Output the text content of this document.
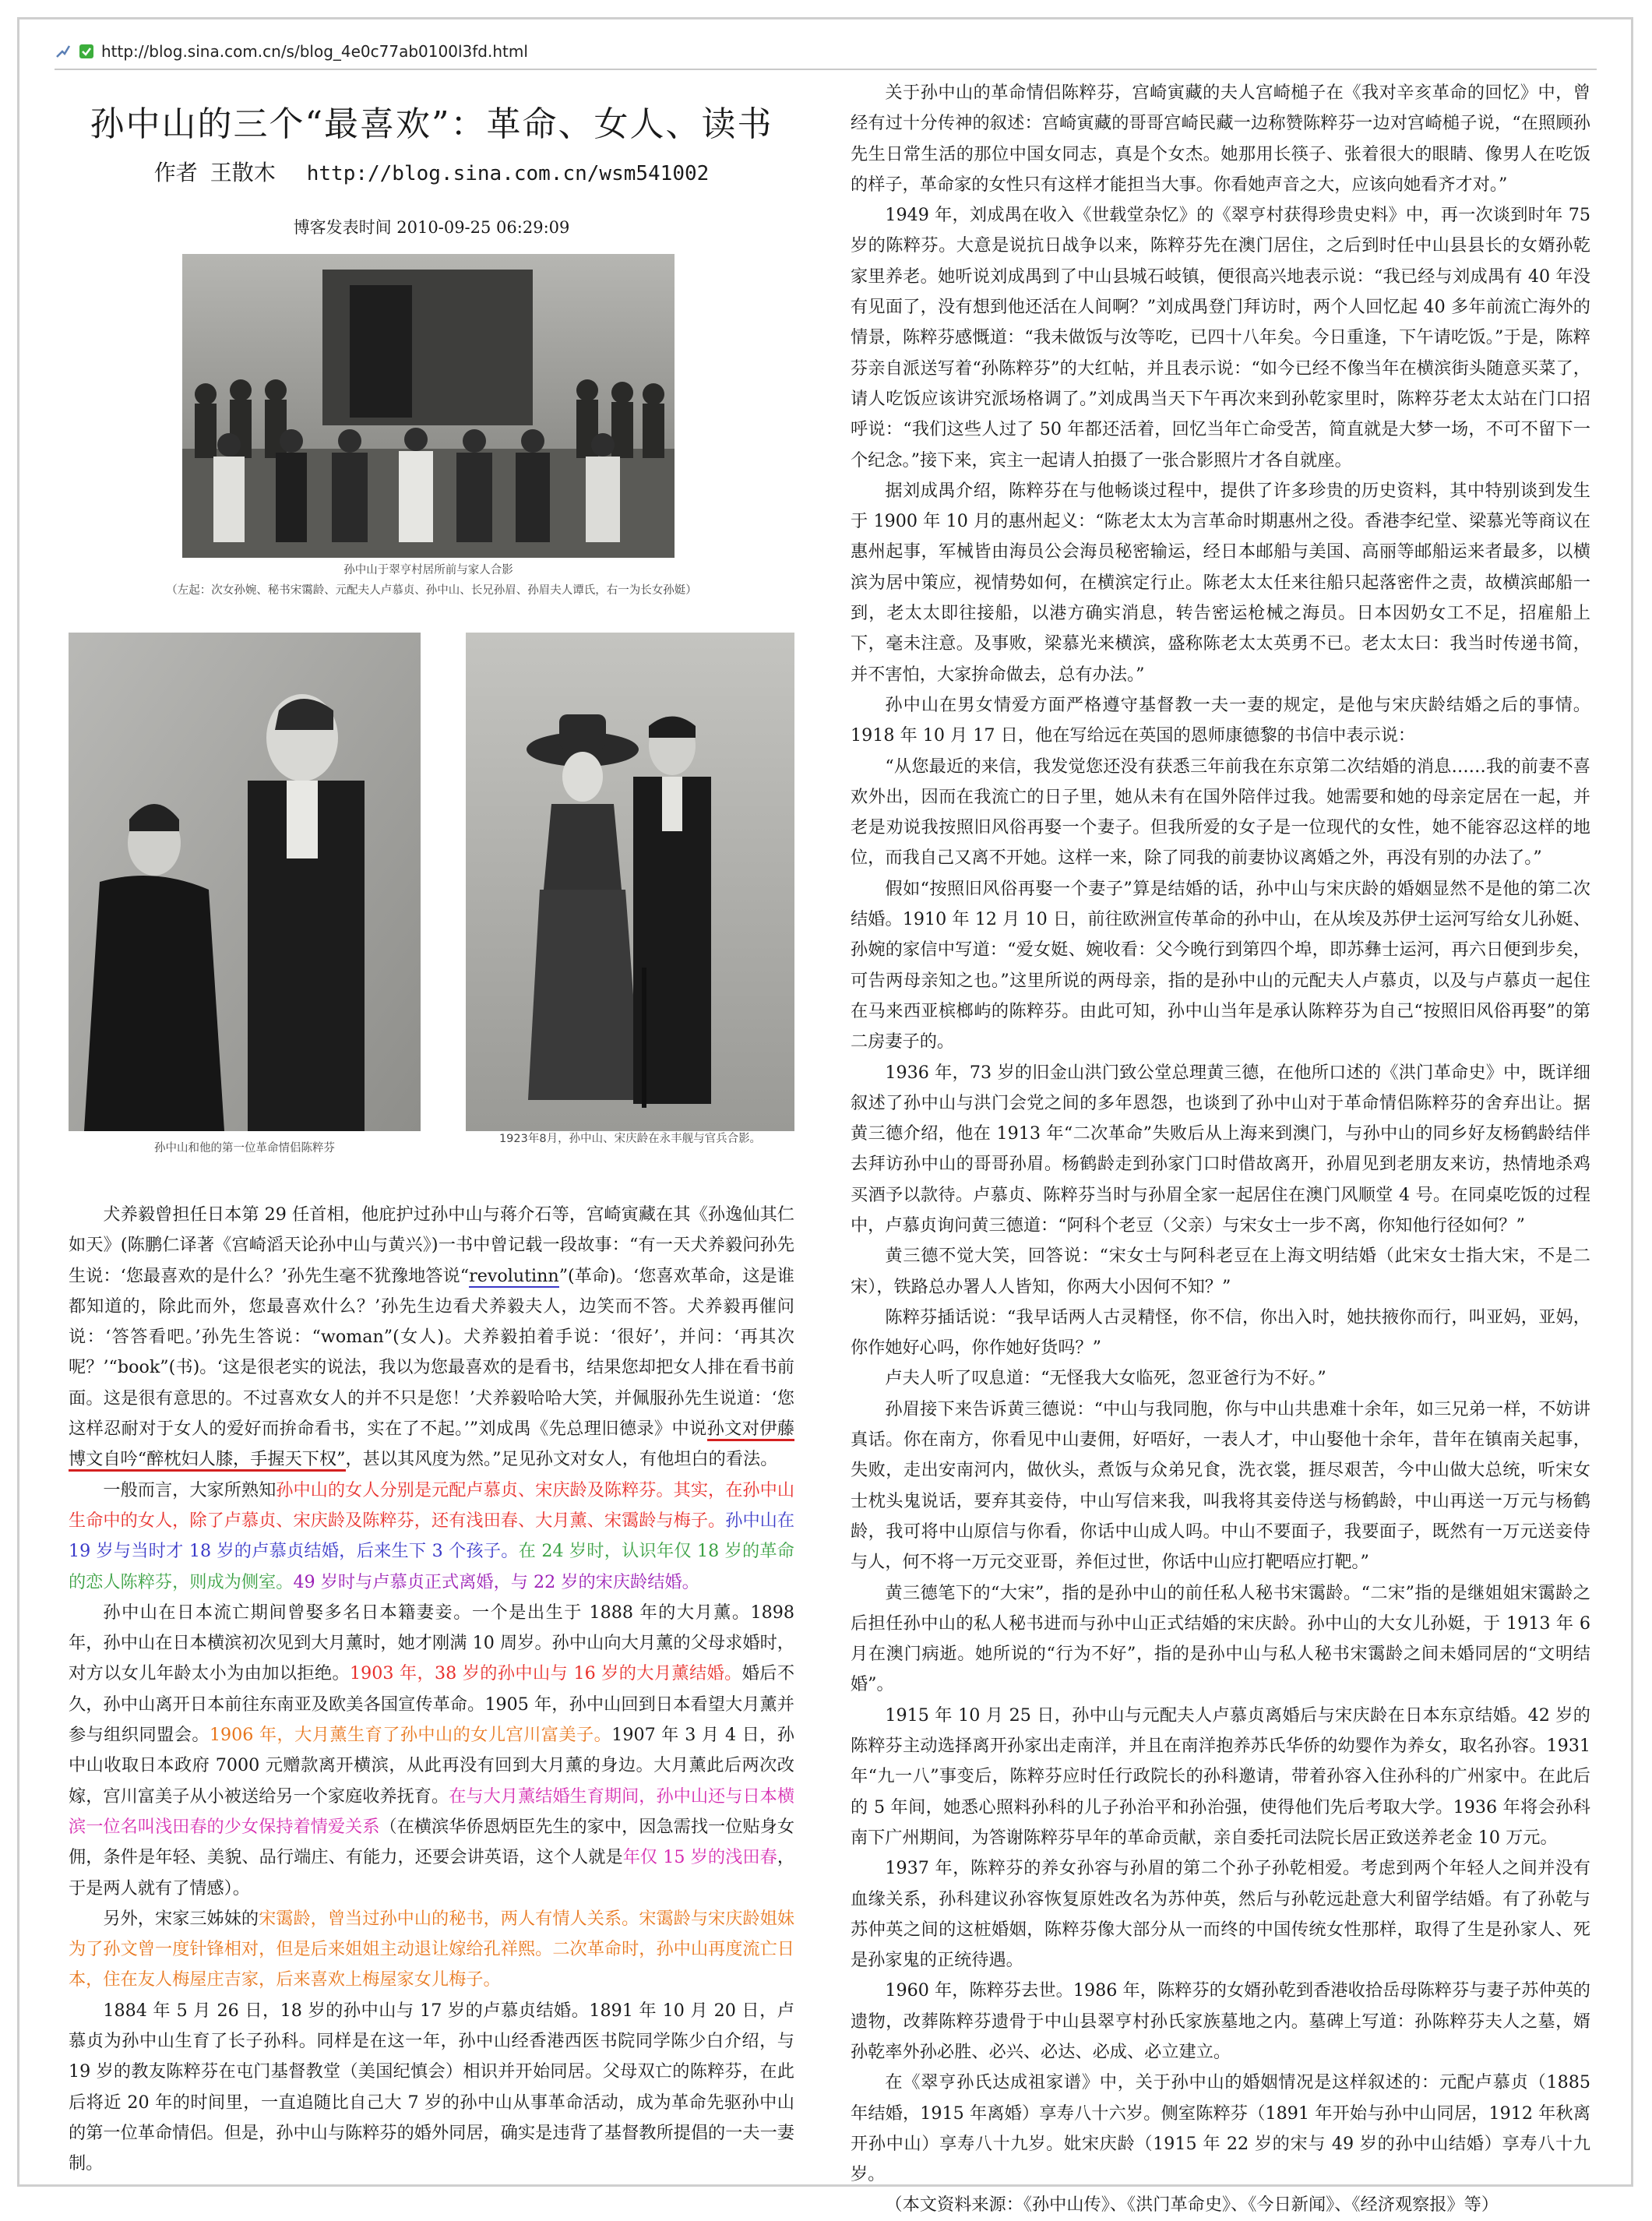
http://blog.sina.com.cn/s/blog_4e0c77ab0100l3fd.html
孙中山的三个“最喜欢”：革命、女人、读书
作者 王散木 http://blog.sina.com.cn/wsm541002
博客发表时间 2010-09-25 06:29:09
孙中山于翠亨村居所前与家人合影
（左起：次女孙婉、秘书宋霭龄、元配夫人卢慕贞、孙中山、长兄孙眉、孙眉夫人谭氏，右一为长女孙娗）
孙中山和他的第一位革命情侣陈粹芬
1923年8月，孙中山、宋庆龄在永丰舰与官兵合影。

犬养毅曾担任日本第 29 任首相，他庇护过孙中山与蒋介石等，宫崎寅藏在其《孙逸仙其仁如天》(陈鹏仁译著《宫崎滔天论孙中山与黄兴》)一书中曾记载一段故事：“有一天犬养毅问孙先生说：‘您最喜欢的是什么？’孙先生毫不犹豫地答说“revolutinn”(革命)。‘您喜欢革命，这是谁都知道的，除此而外，您最喜欢什么？’孙先生边看犬养毅夫人，边笑而不答。犬养毅再催问说：‘答答看吧。’孙先生答说：“woman”(女人)。犬养毅拍着手说：‘很好’，并问：‘再其次呢？’“book”(书)。‘这是很老实的说法，我以为您最喜欢的是看书，结果您却把女人排在看书前面。这是很有意思的。不过喜欢女人的并不只是您！’犬养毅哈哈大笑，并佩服孙先生说道：‘您这样忍耐对于女人的爱好而拚命看书，实在了不起。’”刘成禺《先总理旧德录》中说孙文对伊藤博文自吟“醉枕妇人膝，手握天下权”，甚以其风度为然。”足见孙文对女人，有他坦白的看法。

一般而言，大家所熟知孙中山的女人分别是元配卢慕贞、宋庆龄及陈粹芬。其实，在孙中山生命中的女人，除了卢慕贞、宋庆龄及陈粹芬，还有浅田春、大月薰、宋霭龄与梅子。孙中山在 19 岁与当时才 18 岁的卢慕贞结婚，后来生下 3 个孩子。在 24 岁时，认识年仅 18 岁的革命的恋人陈粹芬，则成为侧室。49 岁时与卢慕贞正式离婚，与 22 岁的宋庆龄结婚。

孙中山在日本流亡期间曾娶多名日本籍妻妾。一个是出生于 1888 年的大月薰。1898 年，孙中山在日本横滨初次见到大月薰时，她才刚满 10 周岁。孙中山向大月薰的父母求婚时，对方以女儿年龄太小为由加以拒绝。1903 年，38 岁的孙中山与 16 岁的大月薰结婚。婚后不久，孙中山离开日本前往东南亚及欧美各国宣传革命。1905 年，孙中山回到日本看望大月薰并参与组织同盟会。1906 年，大月薰生育了孙中山的女儿宫川富美子。1907 年 3 月 4 日，孙中山收取日本政府 7000 元赠款离开横滨，从此再没有回到大月薰的身边。大月薰此后两次改嫁，宫川富美子从小被送给另一个家庭收养抚育。在与大月薰结婚生育期间，孙中山还与日本横滨一位名叫浅田春的少女保持着情爱关系（在横滨华侨恩炳臣先生的家中，因急需找一位贴身女佣，条件是年轻、美貌、品行端庄、有能力，还要会讲英语，这个人就是年仅 15 岁的浅田春，于是两人就有了情感）。

另外，宋家三姊妹的宋霭龄，曾当过孙中山的秘书，两人有情人关系。宋霭龄与宋庆龄姐妹为了孙文曾一度针锋相对，但是后来姐姐主动退让嫁给孔祥熙。二次革命时，孙中山再度流亡日本，住在友人梅屋庄吉家，后来喜欢上梅屋家女儿梅子。

1884 年 5 月 26 日，18 岁的孙中山与 17 岁的卢慕贞结婚。1891 年 10 月 20 日，卢慕贞为孙中山生育了长子孙科。同样是在这一年，孙中山经香港西医书院同学陈少白介绍，与 19 岁的教友陈粹芬在屯门基督教堂（美国纪慎会）相识并开始同居。父母双亡的陈粹芬，在此后将近 20 年的时间里，一直追随比自己大 7 岁的孙中山从事革命活动，成为革命先驱孙中山的第一位革命情侣。但是，孙中山与陈粹芬的婚外同居，确实是违背了基督教所提倡的一夫一妻制。

关于孙中山的革命情侣陈粹芬，宫崎寅藏的夫人宫崎槌子在《我对辛亥革命的回忆》中，曾经有过十分传神的叙述：宫崎寅藏的哥哥宫崎民藏一边称赞陈粹芬一边对宫崎槌子说，“在照顾孙先生日常生活的那位中国女同志，真是个女杰。她那用长筷子、张着很大的眼睛、像男人在吃饭的样子，革命家的女性只有这样才能担当大事。你看她声音之大，应该向她看齐才对。”

1949 年，刘成禺在收入《世载堂杂忆》的《翠亨村获得珍贵史料》中，再一次谈到时年 75 岁的陈粹芬。大意是说抗日战争以来，陈粹芬先在澳门居住，之后到时任中山县县长的女婿孙乾家里养老。她听说刘成禺到了中山县城石岐镇，便很高兴地表示说：“我已经与刘成禺有 40 年没有见面了，没有想到他还活在人间啊？”刘成禺登门拜访时，两个人回忆起 40 多年前流亡海外的情景，陈粹芬感慨道：“我未做饭与汝等吃，已四十八年矣。今日重逢，下午请吃饭。”于是，陈粹芬亲自派送写着“孙陈粹芬”的大红帖，并且表示说：“如今已经不像当年在横滨街头随意买菜了，请人吃饭应该讲究派场格调了。”刘成禺当天下午再次来到孙乾家里时，陈粹芬老太太站在门口招呼说：“我们这些人过了 50 年都还活着，回忆当年亡命受苦，简直就是大梦一场，不可不留下一个纪念。”接下来，宾主一起请人拍摄了一张合影照片才各自就座。

据刘成禺介绍，陈粹芬在与他畅谈过程中，提供了许多珍贵的历史资料，其中特别谈到发生于 1900 年 10 月的惠州起义：“陈老太太为言革命时期惠州之役。香港李纪堂、梁慕光等商议在惠州起事，军械皆由海员公会海员秘密输运，经日本邮船与美国、高丽等邮船运来者最多，以横滨为居中策应，视情势如何，在横滨定行止。陈老太太任来往船只起落密件之责，故横滨邮船一到，老太太即往接船，以港方确实消息，转告密运枪械之海员。日本因奶女工不足，招雇船上下，毫未注意。及事败，梁慕光来横滨，盛称陈老太太英勇不已。老太太曰：我当时传递书简，并不害怕，大家拚命做去，总有办法。”

孙中山在男女情爱方面严格遵守基督教一夫一妻的规定，是他与宋庆龄结婚之后的事情。1918 年 10 月 17 日，他在写给远在英国的恩师康德黎的书信中表示说：

“从您最近的来信，我发觉您还没有获悉三年前我在东京第二次结婚的消息……我的前妻不喜欢外出，因而在我流亡的日子里，她从未有在国外陪伴过我。她需要和她的母亲定居在一起，并老是劝说我按照旧风俗再娶一个妻子。但我所爱的女子是一位现代的女性，她不能容忍这样的地位，而我自己又离不开她。这样一来，除了同我的前妻协议离婚之外，再没有别的办法了。”

假如“按照旧风俗再娶一个妻子”算是结婚的话，孙中山与宋庆龄的婚姻显然不是他的第二次结婚。1910 年 12 月 10 日，前往欧洲宣传革命的孙中山，在从埃及苏伊士运河写给女儿孙娗、孙婉的家信中写道：“爱女娗、婉收看：父今晚行到第四个埠，即苏彝士运河，再六日便到步矣，可告两母亲知之也。”这里所说的两母亲，指的是孙中山的元配夫人卢慕贞，以及与卢慕贞一起住在马来西亚槟榔屿的陈粹芬。由此可知，孙中山当年是承认陈粹芬为自己“按照旧风俗再娶”的第二房妻子的。

1936 年，73 岁的旧金山洪门致公堂总理黄三德，在他所口述的《洪门革命史》中，既详细叙述了孙中山与洪门会党之间的多年恩怨，也谈到了孙中山对于革命情侣陈粹芬的舍弃出让。据黄三德介绍，他在 1913 年“二次革命”失败后从上海来到澳门，与孙中山的同乡好友杨鹤龄结伴去拜访孙中山的哥哥孙眉。杨鹤龄走到孙家门口时借故离开，孙眉见到老朋友来访，热情地杀鸡买酒予以款待。卢慕贞、陈粹芬当时与孙眉全家一起居住在澳门风顺堂 4 号。在同桌吃饭的过程中，卢慕贞询问黄三德道：“阿科个老豆（父亲）与宋女士一步不离，你知他行径如何？”

黄三德不觉大笑，回答说：“宋女士与阿科老豆在上海文明结婚（此宋女士指大宋，不是二宋），铁路总办署人人皆知，你两大小因何不知？”

陈粹芬插话说：“我早话两人古灵精怪，你不信，你出入时，她扶掖你而行，叫亚妈，亚妈，你作她好心吗，你作她好货吗？”

卢夫人听了叹息道：“无怪我大女临死，忽亚爸行为不好。”

孙眉接下来告诉黄三德说：“中山与我同胞，你与中山共患难十余年，如三兄弟一样，不妨讲真话。你在南方，你看见中山妻佣，好唔好，一表人才，中山娶他十余年，昔年在镇南关起事，失败，走出安南河内，做伙头，煮饭与众弟兄食，洗衣裳，捱尽艰苦，今中山做大总统，听宋女士枕头鬼说话，要弃其妾侍，中山写信来我，叫我将其妾侍送与杨鹤龄，中山再送一万元与杨鹤龄，我可将中山原信与你看，你话中山成人吗。中山不要面子，我要面子，既然有一万元送妾侍与人，何不将一万元交亚哥，养佢过世，你话中山应打靶唔应打靶。”

黄三德笔下的“大宋”，指的是孙中山的前任私人秘书宋霭龄。“二宋”指的是继姐姐宋霭龄之后担任孙中山的私人秘书进而与孙中山正式结婚的宋庆龄。孙中山的大女儿孙娗，于 1913 年 6 月在澳门病逝。她所说的“行为不好”，指的是孙中山与私人秘书宋霭龄之间未婚同居的“文明结婚”。

1915 年 10 月 25 日，孙中山与元配夫人卢慕贞离婚后与宋庆龄在日本东京结婚。42 岁的陈粹芬主动选择离开孙家出走南洋，并且在南洋抱养苏氏华侨的幼婴作为养女，取名孙容。1931 年“九一八”事变后，陈粹芬应时任行政院长的孙科邀请，带着孙容入住孙科的广州家中。在此后的 5 年间，她悉心照料孙科的儿子孙治平和孙治强，使得他们先后考取大学。1936 年将会孙科南下广州期间，为答谢陈粹芬早年的革命贡献，亲自委托司法院长居正致送养老金 10 万元。

1937 年，陈粹芬的养女孙容与孙眉的第二个孙子孙乾相爱。考虑到两个年轻人之间并没有血缘关系，孙科建议孙容恢复原姓改名为苏仲英，然后与孙乾远赴意大利留学结婚。有了孙乾与苏仲英之间的这桩婚姻，陈粹芬像大部分从一而终的中国传统女性那样，取得了生是孙家人、死是孙家鬼的正统待遇。

1960 年，陈粹芬去世。1986 年，陈粹芬的女婿孙乾到香港收拾岳母陈粹芬与妻子苏仲英的遗物，改葬陈粹芬遗骨于中山县翠亨村孙氏家族墓地之内。墓碑上写道：孙陈粹芬夫人之墓，婿孙乾率外孙必胜、必兴、必达、必成、必立建立。

在《翠亨孙氏达成祖家谱》中，关于孙中山的婚姻情况是这样叙述的：元配卢慕贞（1885 年结婚，1915 年离婚）享寿八十六岁。侧室陈粹芬（1891 年开始与孙中山同居，1912 年秋离开孙中山）享寿八十九岁。妣宋庆龄（1915 年 22 岁的宋与 49 岁的孙中山结婚）享寿八十九岁。

（本文资料来源：《孙中山传》、《洪门革命史》、《今日新闻》、《经济观察报》等）
